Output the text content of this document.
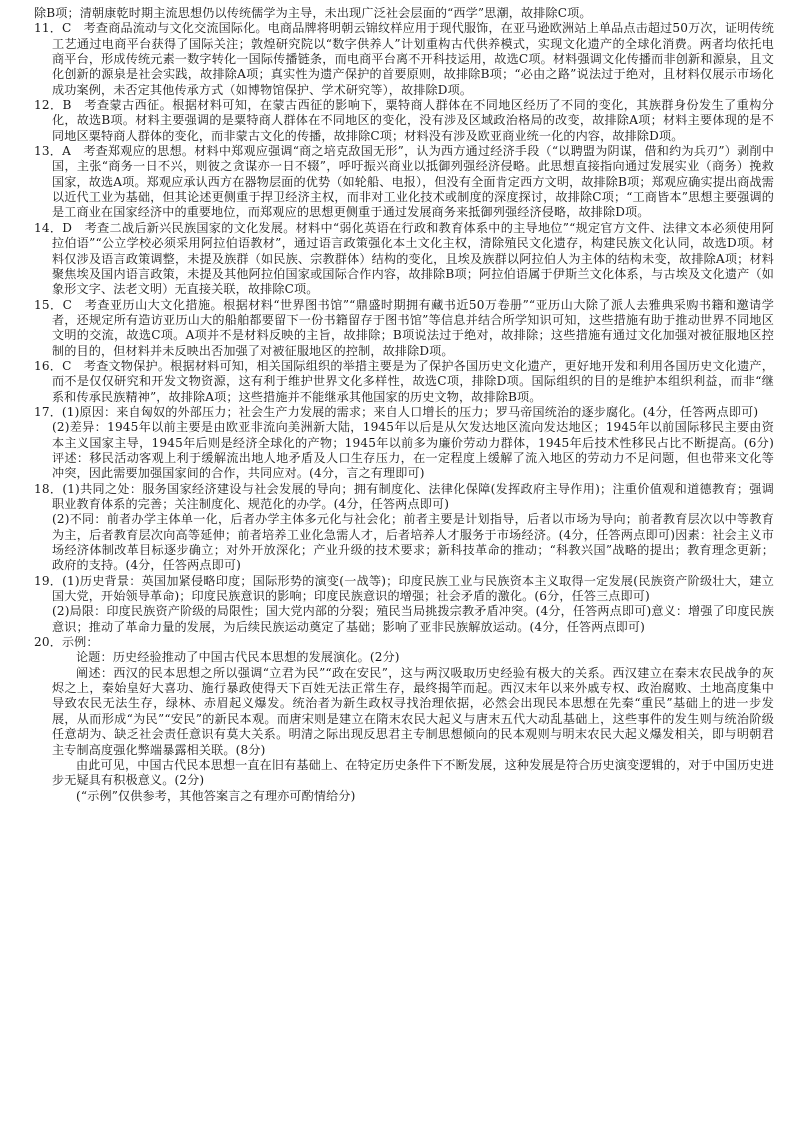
除B项；清朝康乾时期主流思想仍以传统儒学为主导，未出现广泛社会层面的“西学”思潮，故排除C项。

11．C　考查商品流动与文化交流国际化。电商品牌将明朝云锦纹样应用于现代服饰，在亚马逊欧洲站上单品点击超过50万次，证明传统工艺通过电商平台获得了国际关注；敦煌研究院以“数字供养人”计划重构古代供养模式，实现文化遗产的全球化消费。两者均依托电商平台，形成传统元素一数字转化一国际传播链条，而电商平台离不开科技运用，故选C项。材料强调文化传播而非创新和源泉，且文化创新的源泉是社会实践，故排除A项；真实性为遗产保护的首要原则，故排除B项；“必由之路”说法过于绝对，且材料仅展示市场化成功案例，未否定其他传承方式（如博物馆保护、学术研究等），故排除D项。

12．B　考查蒙古西征。根据材料可知，在蒙古西征的影响下，粟特商人群体在不同地区经历了不同的变化，其族群身份发生了重构分化，故选B项。材料主要强调的是粟特商人群体在不同地区的变化，没有涉及区域政治格局的改变，故排除A项；材料主要体现的是不同地区粟特商人群体的变化，而非蒙古文化的传播，故排除C项；材料没有涉及欧亚商业统一化的内容，故排除D项。

13．A　考查郑观应的思想。材料中郑观应强调“商之培克敌国无形”，认为西方通过经济手段（“以聘盟为阴谋，借和约为兵刃”）剥削中国，主张“商务一日不兴，则彼之贪谋亦一日不辍”，呼吁振兴商业以抵御列强经济侵略。此思想直接指向通过发展实业（商务）挽救国家，故选A项。郑观应承认西方在器物层面的优势（如轮船、电报），但没有全面肯定西方文明，故排除B项；郑观应确实提出商战需以近代工业为基础，但其论述更侧重于捍卫经济主权，而非对工业化技术或制度的深度探讨，故排除C项；“工商皆本”思想主要强调的是工商业在国家经济中的重要地位，而郑观应的思想更侧重于通过发展商务来抵御列强经济侵略，故排除D项。

14．D　考查二战后新兴民族国家的文化发展。材料中“弱化英语在行政和教育体系中的主导地位”“规定官方文件、法律文本必须使用阿拉伯语”“公立学校必须采用阿拉伯语教材”，通过语言政策强化本土文化主权，清除殖民文化遗存，构建民族文化认同，故选D项。材料仅涉及语言政策调整，未提及族群（如民族、宗教群体）结构的变化，且埃及族群以阿拉伯人为主体的结构未变，故排除A项；材料聚焦埃及国内语言政策，未提及其他阿拉伯国家或国际合作内容，故排除B项；阿拉伯语属于伊斯兰文化体系，与古埃及文化遗产（如象形文字、法老文明）无直接关联，故排除C项。

15．C　考查亚历山大文化措施。根据材料“世界图书馆”“鼎盛时期拥有藏书近50万卷册”“亚历山大除了派人去雅典采购书籍和邀请学者，还规定所有造访亚历山大的船舶都要留下一份书籍留存于图书馆”等信息并结合所学知识可知，这些措施有助于推动世界不同地区文明的交流，故选C项。A项并不是材料反映的主旨，故排除；B项说法过于绝对，故排除；这些措施有通过文化加强对被征服地区控制的目的，但材料并未反映出否加强了对被征服地区的控制，故排除D项。

16．C　考查文物保护。根据材料可知，相关国际组织的举措主要是为了保护各国历史文化遗产，更好地开发和利用各国历史文化遗产，而不是仅仅研究和开发文物资源，这有利于维护世界文化多样性，故选C项，排除D项。国际组织的目的是维护本组织利益，而非“继系和传承民族精神”，故排除A项；这些措施并不能继承其他国家的历史文物，故排除B项。

17．(1)原因：来自匈奴的外部压力；社会生产力发展的需求；来自人口增长的压力；罗马帝国统治的逐步腐化。(4分，任答两点即可)

(2)差异：1945年以前主要是由欧亚非流向美洲新大陆，1945年以后是从欠发达地区流向发达地区；1945年以前国际移民主要由资本主义国家主导，1945年后则是经济全球化的产物；1945年以前多为廉价劳动力群体，1945年后技术性移民占比不断提高。(6分)评述：移民活动客观上利于缓解流出地人地矛盾及人口生存压力，在一定程度上缓解了流入地区的劳动力不足问题，但也带来文化等冲突，因此需要加强国家间的合作，共同应对。(4分，言之有理即可)

18．(1)共同之处：服务国家经济建设与社会发展的导向；拥有制度化、法律化保障(发挥政府主导作用)；注重价值观和道德教育；强调职业教育体系的完善；关注制度化、规范化的办学。(4分，任答两点即可)

(2)不同：前者办学主体单一化，后者办学主体多元化与社会化；前者主要是计划指导，后者以市场为导向；前者教育层次以中等教育为主，后者教育层次向高等延伸；前者培养工业化急需人才，后者培养人才服务于市场经济。(4分，任答两点即可)因素：社会主义市场经济体制改革目标逐步确立；对外开放深化；产业升级的技术要求；新科技革命的推动；“科教兴国”战略的提出；教育理念更新；政府的支持。(4分，任答两点即可)

19．(1)历史背景：英国加紧侵略印度；国际形势的演变(一战等)；印度民族工业与民族资本主义取得一定发展(民族资产阶级壮大，建立国大党，开始领导革命)；印度民族意识的影响；印度民族意识的增强；社会矛盾的激化。(6分，任答三点即可)

(2)局限：印度民族资产阶级的局限性；国大党内部的分裂；殖民当局挑拨宗教矛盾冲突。(4分，任答两点即可)意义：增强了印度民族意识；推动了革命力量的发展，为后续民族运动奠定了基础；影响了亚非民族解放运动。(4分，任答两点即可)

20．示例：

论题：历史经验推动了中国古代民本思想的发展演化。(2分)

阐述：西汉的民本思想之所以强调“立君为民”“政在安民”，这与两汉吸取历史经验有极大的关系。西汉建立在秦末农民战争的灰烬之上，秦始皇好大喜功、施行暴政使得天下百姓无法正常生存，最终揭竿而起。西汉末年以来外戚专权、政治腐败、土地高度集中导致农民无法生存，绿林、赤眉起义爆发。统治者为新生政权寻找治理依据，必然会出现民本思想在先秦“重民”基础上的进一步发展，从而形成“为民”“安民”的新民本观。而唐宋则是建立在隋末农民大起义与唐末五代大动乱基础上，这些事件的发生则与统治阶级任意胡为、缺乏社会责任意识有莫大关系。明清之际出现反思君主专制思想倾向的民本观则与明末农民大起义爆发相关，即与明朝君主专制高度强化弊端暴露相关联。(8分)

由此可见，中国古代民本思想一直在旧有基础上、在特定历史条件下不断发展，这种发展是符合历史演变逻辑的，对于中国历史进步无疑具有积极意义。(2分)

(“示例”仅供参考，其他答案言之有理亦可酌情给分)
